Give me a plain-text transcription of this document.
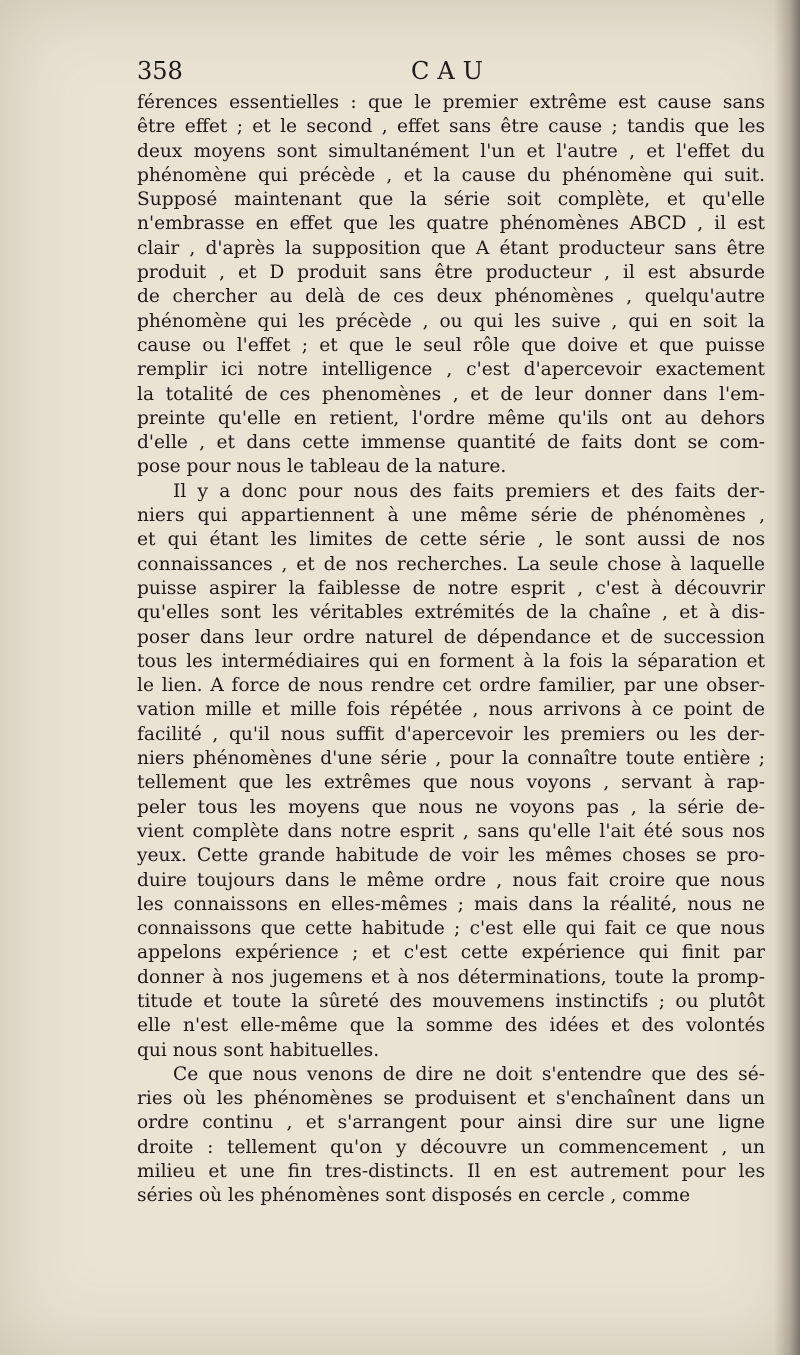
358	CAU
férences essentielles : que le premier extrême est cause sans
être effet ; et le second , effet sans être cause ; tandis que les
deux moyens sont simultanément l'un et l'autre , et l'effet du
phénomène qui précède , et la cause du phénomène qui suit.
Supposé maintenant que la série soit complète, et qu'elle
n'embrasse en effet que les quatre phénomènes ABCD , il est
clair , d'après la supposition que A étant producteur sans être
produit , et D produit sans être producteur , il est absurde
de chercher au delà de ces deux phénomènes , quelqu'autre
phénomène qui les précède , ou qui les suive , qui en soit la
cause ou l'effet ; et que le seul rôle que doive et que puisse
remplir ici notre intelligence , c'est d'apercevoir exactement
la totalité de ces phenomènes , et de leur donner dans l'em-
preinte qu'elle en retient, l'ordre même qu'ils ont au dehors
d'elle , et dans cette immense quantité de faits dont se com-
pose pour nous le tableau de la nature.
Il y a donc pour nous des faits premiers et des faits der-
niers qui appartiennent à une même série de phénomènes ,
et qui étant les limites de cette série , le sont aussi de nos
connaissances , et de nos recherches. La seule chose à laquelle
puisse aspirer la faiblesse de notre esprit , c'est à découvrir
qu'elles sont les véritables extrémités de la chaîne , et à dis-
poser dans leur ordre naturel de dépendance et de succession
tous les intermédiaires qui en forment à la fois la séparation et
le lien. A force de nous rendre cet ordre familier, par une obser-
vation mille et mille fois répétée , nous arrivons à ce point de
facilité , qu'il nous suffit d'apercevoir les premiers ou les der-
niers phénomènes d'une série , pour la connaître toute entière ;
tellement que les extrêmes que nous voyons , servant à rap-
peler tous les moyens que nous ne voyons pas , la série de-
vient complète dans notre esprit , sans qu'elle l'ait été sous nos
yeux. Cette grande habitude de voir les mêmes choses se pro-
duire toujours dans le même ordre , nous fait croire que nous
les connaissons en elles-mêmes ; mais dans la réalité, nous ne
connaissons que cette habitude ; c'est elle qui fait ce que nous
appelons expérience ; et c'est cette expérience qui finit par
donner à nos jugemens et à nos déterminations, toute la promp-
titude et toute la sûreté des mouvemens instinctifs ; ou plutôt
elle n'est elle-même que la somme des idées et des volontés
qui nous sont habituelles.
Ce que nous venons de dire ne doit s'entendre que des sé-
ries où les phénomènes se produisent et s'enchaînent dans un
ordre continu , et s'arrangent pour ainsi dire sur une ligne
droite : tellement qu'on y découvre un commencement , un
milieu et une fin tres-distincts. Il en est autrement pour les
séries où les phénomènes sont disposés en cercle , comme
